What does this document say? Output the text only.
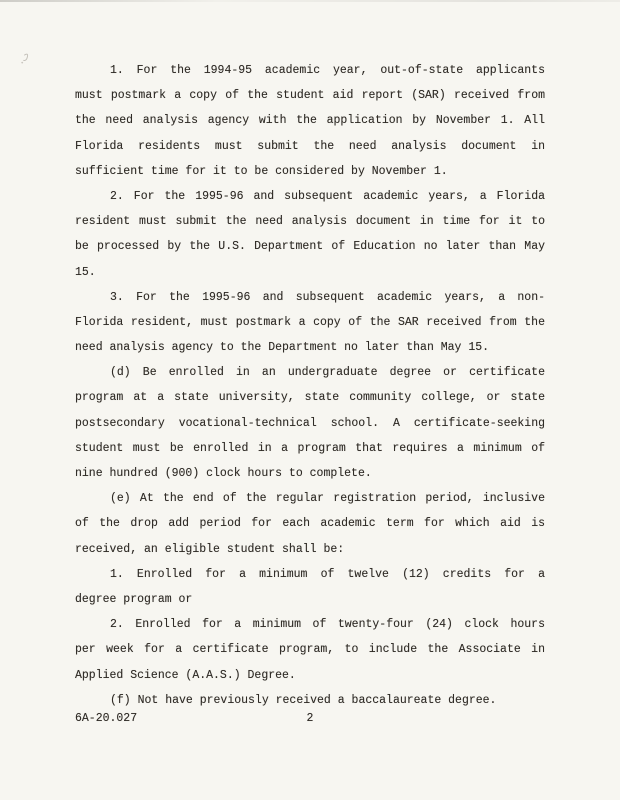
1. For the 1994-95 academic year, out-of-state applicants
must postmark a copy of the student aid report (SAR) received from
the need analysis agency with the application by November 1. All
Florida residents must submit the need analysis document in
sufficient time for it to be considered by November 1.
2. For the 1995-96 and subsequent academic years, a Florida
resident must submit the need analysis document in time for it to
be processed by the U.S. Department of Education no later than May
15.
3. For the 1995-96 and subsequent academic years, a non-
Florida resident, must postmark a copy of the SAR received from the
need analysis agency to the Department no later than May 15.
(d) Be enrolled in an undergraduate degree or certificate
program at a state university, state community college, or state
postsecondary vocational-technical school. A certificate-seeking
student must be enrolled in a program that requires a minimum of
nine hundred (900) clock hours to complete.
(e) At the end of the regular registration period, inclusive
of the drop add period for each academic term for which aid is
received, an eligible student shall be:
1. Enrolled for a minimum of twelve (12) credits for a
degree program or
2. Enrolled for a minimum of twenty-four (24) clock hours
per week for a certificate program, to include the Associate in
Applied Science (A.A.S.) Degree.
(f) Not have previously received a baccalaureate degree.
6A-20.027	2
